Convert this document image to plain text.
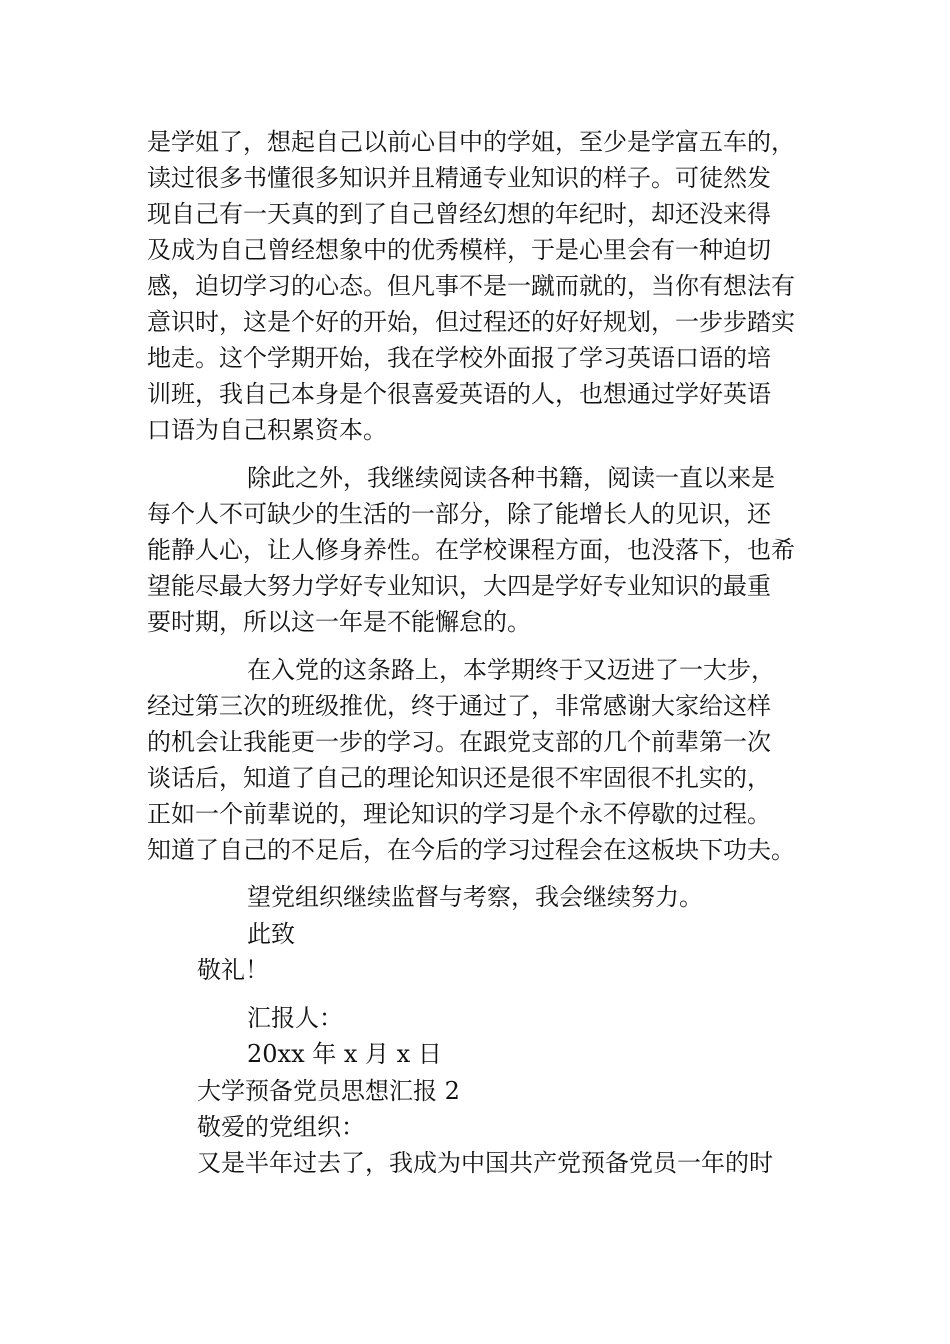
是学姐了，想起自己以前心目中的学姐，至少是学富五车的，
读过很多书懂很多知识并且精通专业知识的样子。可徒然发
现自己有一天真的到了自己曾经幻想的年纪时，却还没来得
及成为自己曾经想象中的优秀模样，于是心里会有一种迫切
感，迫切学习的心态。但凡事不是一蹴而就的，当你有想法有
意识时，这是个好的开始，但过程还的好好规划，一步步踏实
地走。这个学期开始，我在学校外面报了学习英语口语的培
训班，我自己本身是个很喜爱英语的人，也想通过学好英语
口语为自己积累资本。
除此之外，我继续阅读各种书籍，阅读一直以来是
每个人不可缺少的生活的一部分，除了能增长人的见识，还
能静人心，让人修身养性。在学校课程方面，也没落下，也希
望能尽最大努力学好专业知识，大四是学好专业知识的最重
要时期，所以这一年是不能懈怠的。
在入党的这条路上，本学期终于又迈进了一大步，
经过第三次的班级推优，终于通过了，非常感谢大家给这样
的机会让我能更一步的学习。在跟党支部的几个前辈第一次
谈话后，知道了自己的理论知识还是很不牢固很不扎实的，
正如一个前辈说的，理论知识的学习是个永不停歇的过程。
知道了自己的不足后，在今后的学习过程会在这板块下功夫。
望党组织继续监督与考察，我会继续努力。
此致
敬礼！
汇报人：
20xx 年 x 月 x 日
大学预备党员思想汇报 2
敬爱的党组织：
又是半年过去了，我成为中国共产党预备党员一年的时
